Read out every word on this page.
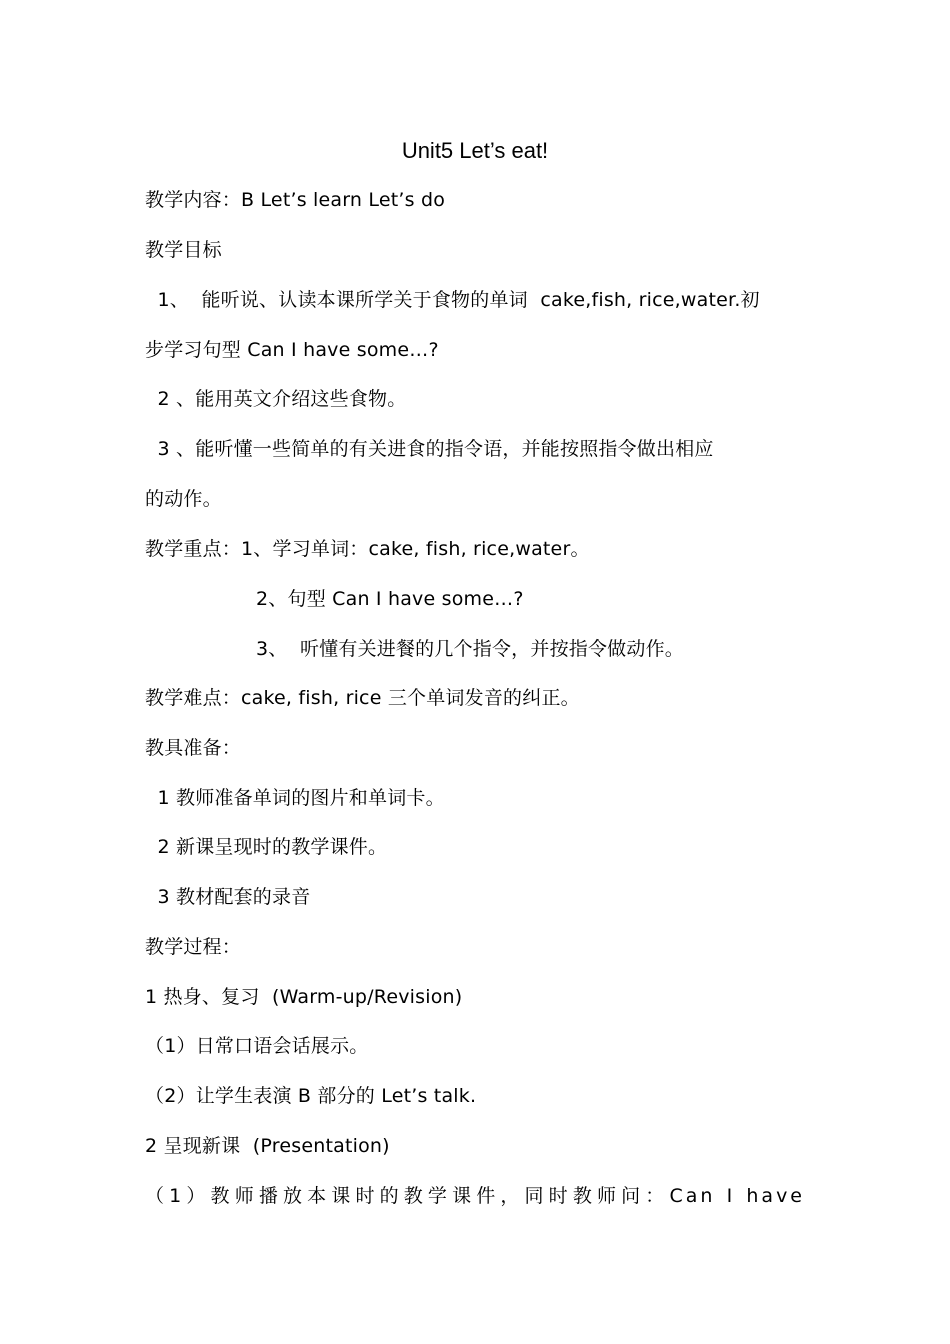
Unit5 Let’s eat!
教学内容：B Let’s learn Let’s do
教学目标
1、  能听说、认读本课所学关于食物的单词  cake,fish, rice,water.初
步学习句型 Can I have some…?
2 、能用英文介绍这些食物。
3 、能听懂一些简单的有关进食的指令语，并能按照指令做出相应
的动作。
教学重点：1、学习单词：cake, fish, rice,water。
2、句型 Can I have some…?
3、  听懂有关进餐的几个指令，并按指令做动作。
教学难点：cake, fish, rice 三个单词发音的纠正。
教具准备：
1 教师准备单词的图片和单词卡。
2 新课呈现时的教学课件。
3 教材配套的录音
教学过程：
1 热身、复习  (Warm-up/Revision)
（1）日常口语会话展示。
（2）让学生表演 B 部分的 Let’s talk.
2 呈现新课  (Presentation)
（1）教师播放本课时的教学课件，同时教师问：Can I have
